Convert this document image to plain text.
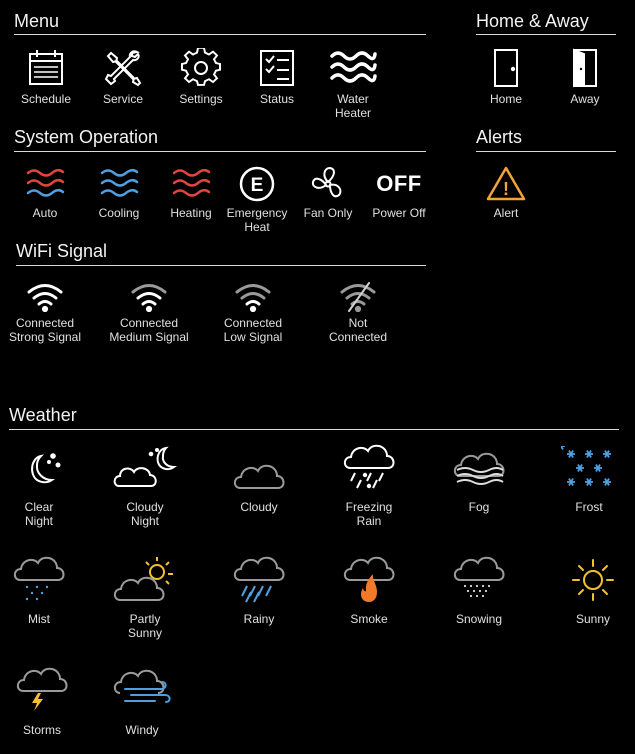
Menu
Schedule	Service	Settings	Status	Water
Heater
Home & Away
Home	Away
System Operation
Auto	Cooling	Heating
E
Emergency
Heat
Fan Only
OFF
Power Off
Alerts
!
Alert
WiFi Signal
Connected
Strong Signal
Connected
Medium Signal
Connected
Low Signal
Not
Connected
Weather
Clear
Night
Cloudy
Night
Cloudy	Freezing
Rain
Fog	Frost
Mist	Partly
Sunny
Rainy	Smoke	Snowing	Sunny
Storms	Windy
